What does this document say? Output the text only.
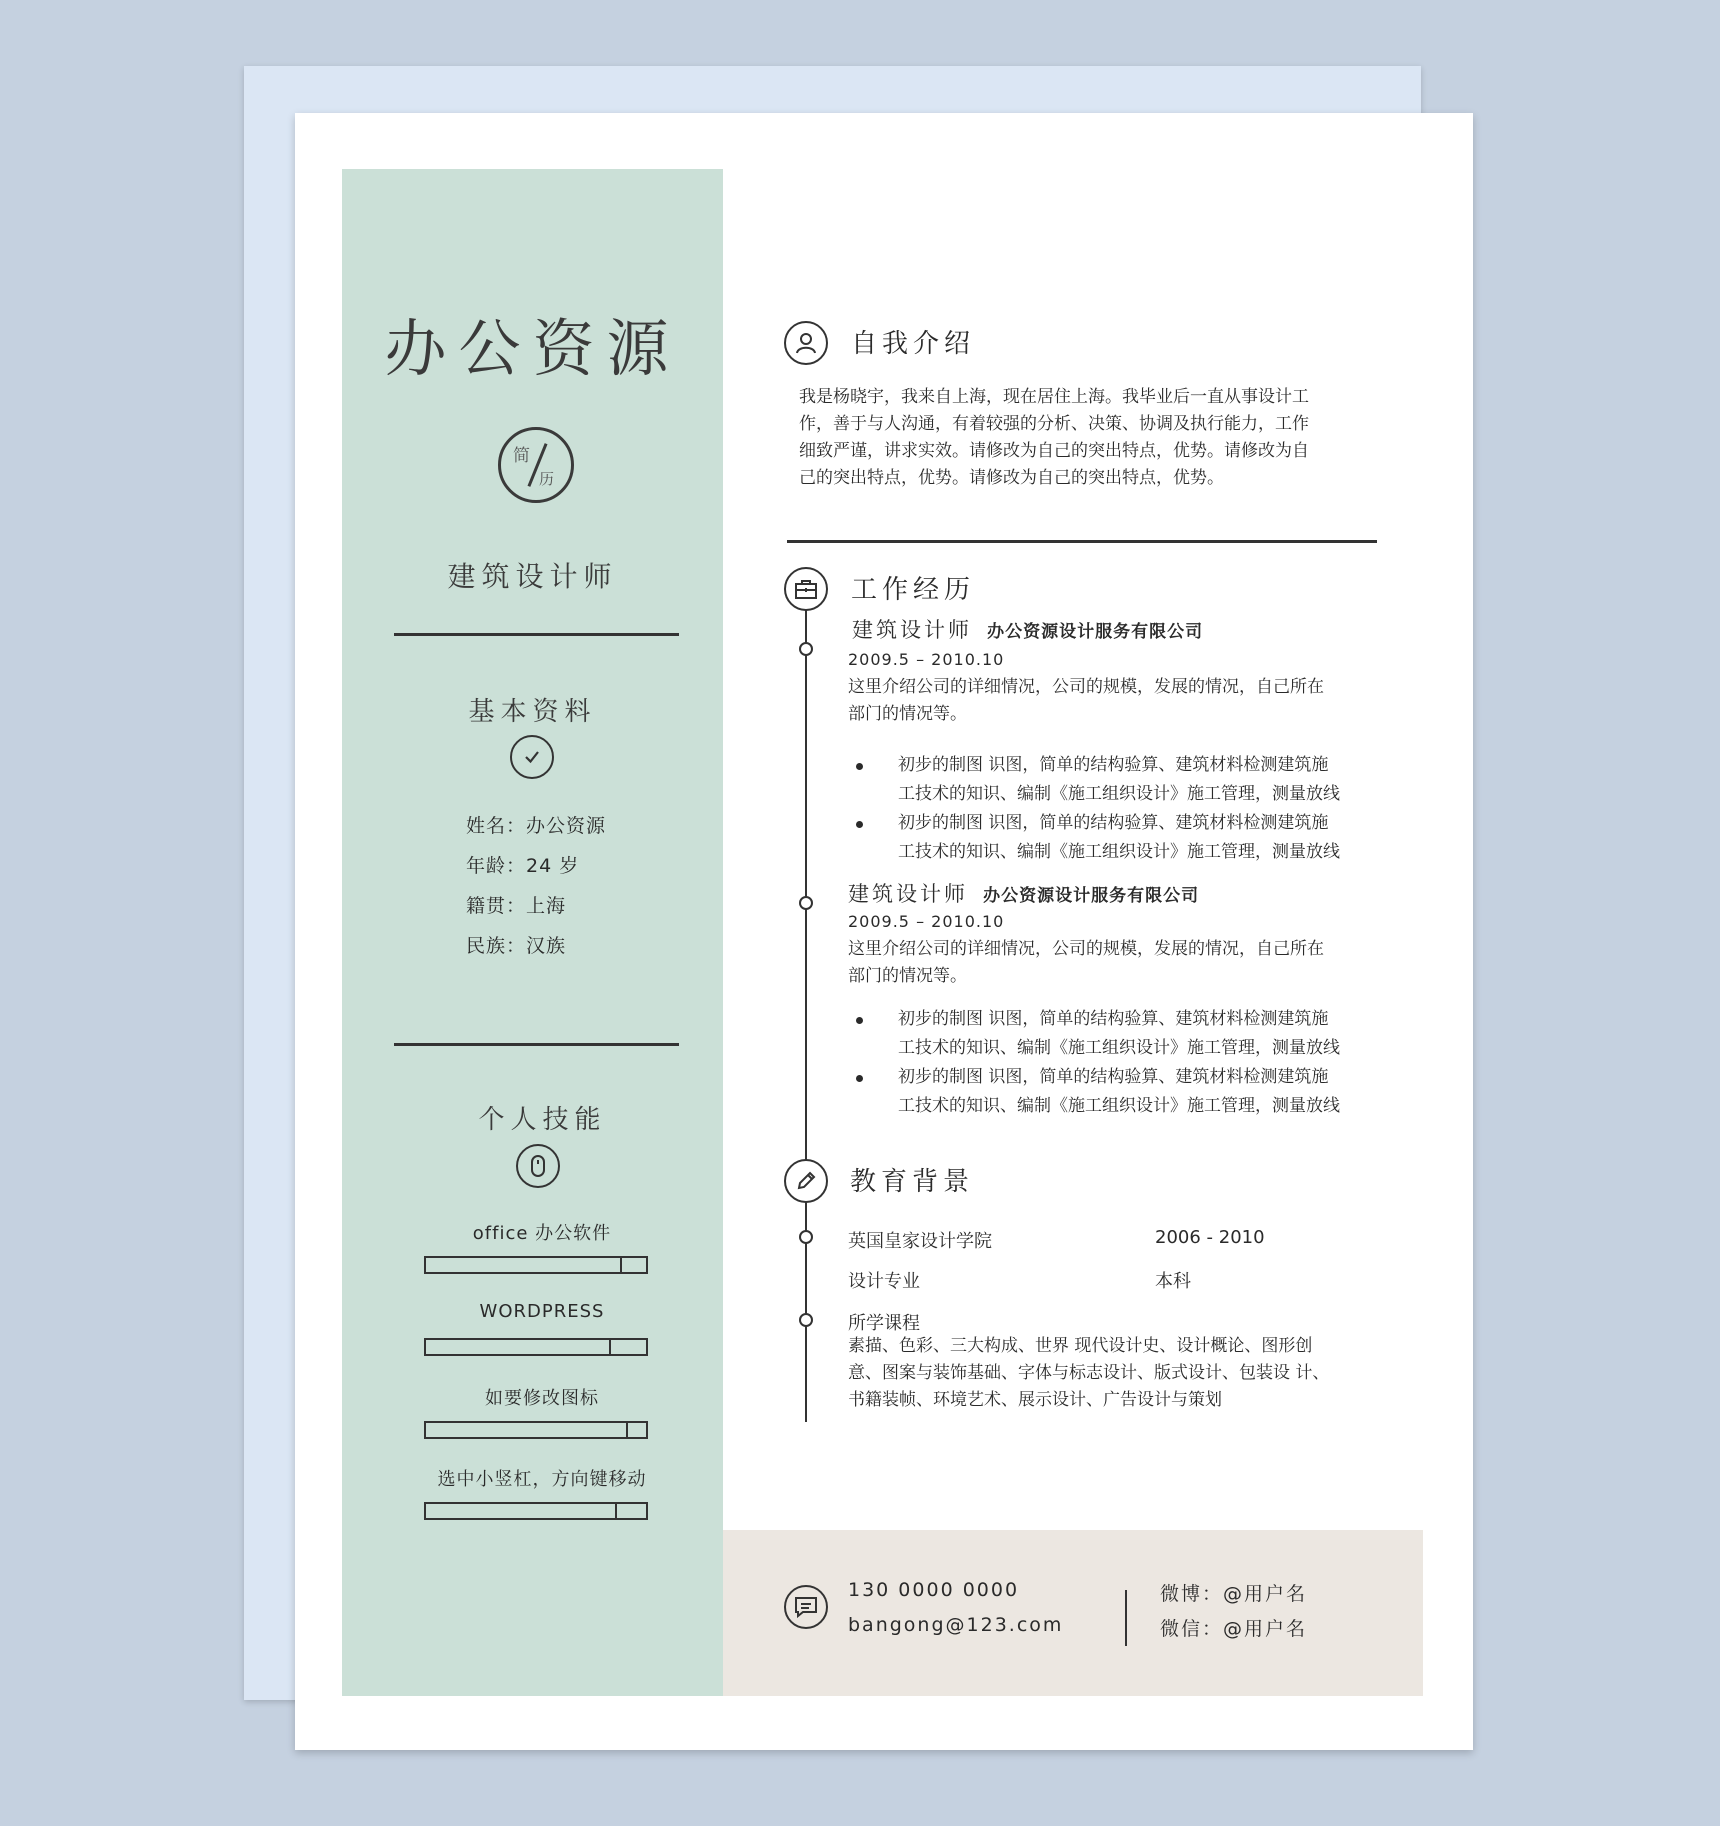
办公资源
简
历
建筑设计师
基本资料
姓名：办公资源
年龄：24 岁
籍贯：上海
民族：汉族
个人技能
office 办公软件
WORDPRESS
如要修改图标
选中小竖杠，方向键移动
自我介绍
我是杨晓宇，我来自上海，现在居住上海。我毕业后一直从事设计工
作，善于与人沟通，有着较强的分析、决策、协调及执行能力，工作
细致严谨，讲求实效。请修改为自己的突出特点，优势。请修改为自
己的突出特点，优势。请修改为自己的突出特点，优势。
工作经历
建筑设计师 办公资源设计服务有限公司
2009.5 – 2010.10
这里介绍公司的详细情况，公司的规模，发展的情况，自己所在
部门的情况等。
初步的制图 识图，简单的结构验算、建筑材料检测建筑施
工技术的知识、编制《施工组织设计》施工管理，测量放线
初步的制图 识图，简单的结构验算、建筑材料检测建筑施
工技术的知识、编制《施工组织设计》施工管理，测量放线
建筑设计师 办公资源设计服务有限公司
2009.5 – 2010.10
这里介绍公司的详细情况，公司的规模，发展的情况，自己所在
部门的情况等。
初步的制图 识图，简单的结构验算、建筑材料检测建筑施
工技术的知识、编制《施工组织设计》施工管理，测量放线
初步的制图 识图，简单的结构验算、建筑材料检测建筑施
工技术的知识、编制《施工组织设计》施工管理，测量放线
教育背景
英国皇家设计学院	2006 - 2010
设计专业	本科
所学课程
素描、色彩、三大构成、世界 现代设计史、设计概论、图形创
意、图案与装饰基础、字体与标志设计、版式设计、包装设 计、
书籍装帧、环境艺术、展示设计、广告设计与策划
130 0000 0000
bangong@123.com
微博：@用户名
微信：@用户名
